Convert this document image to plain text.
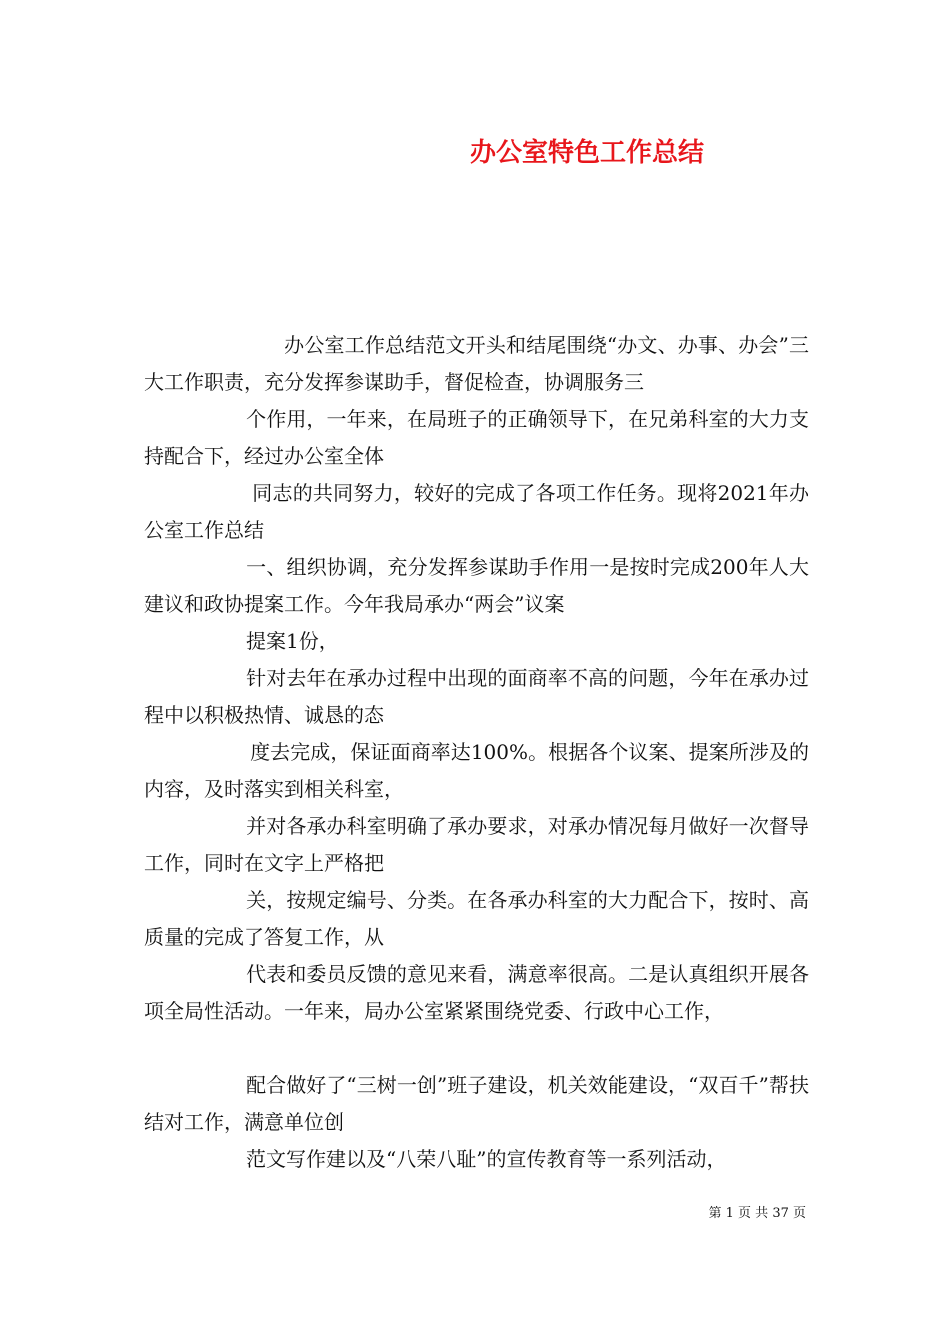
办公室特色工作总结

办公室工作总结范文开头和结尾围绕“办文、办事、办会”三大工作职责，充分发挥参谋助手，督促检查，协调服务三

个作用，一年来，在局班子的正确领导下，在兄弟科室的大力支持配合下，经过办公室全体

同志的共同努力，较好的完成了各项工作任务。现将2021年办公室工作总结

一、组织协调，充分发挥参谋助手作用一是按时完成200年人大建议和政协提案工作。今年我局承办“两会”议案

提案1份，

针对去年在承办过程中出现的面商率不高的问题，今年在承办过程中以积极热情、诚恳的态

度去完成，保证面商率达100%。根据各个议案、提案所涉及的内容，及时落实到相关科室，

并对各承办科室明确了承办要求，对承办情况每月做好一次督导工作，同时在文字上严格把

关，按规定编号、分类。在各承办科室的大力配合下，按时、高质量的完成了答复工作，从

代表和委员反馈的意见来看，满意率很高。二是认真组织开展各项全局性活动。一年来，局办公室紧紧围绕党委、行政中心工作，

配合做好了“三树一创”班子建设，机关效能建设，“双百千”帮扶结对工作，满意单位创

范文写作建以及“八荣八耻”的宣传教育等一系列活动，

第 1 页 共 37 页
